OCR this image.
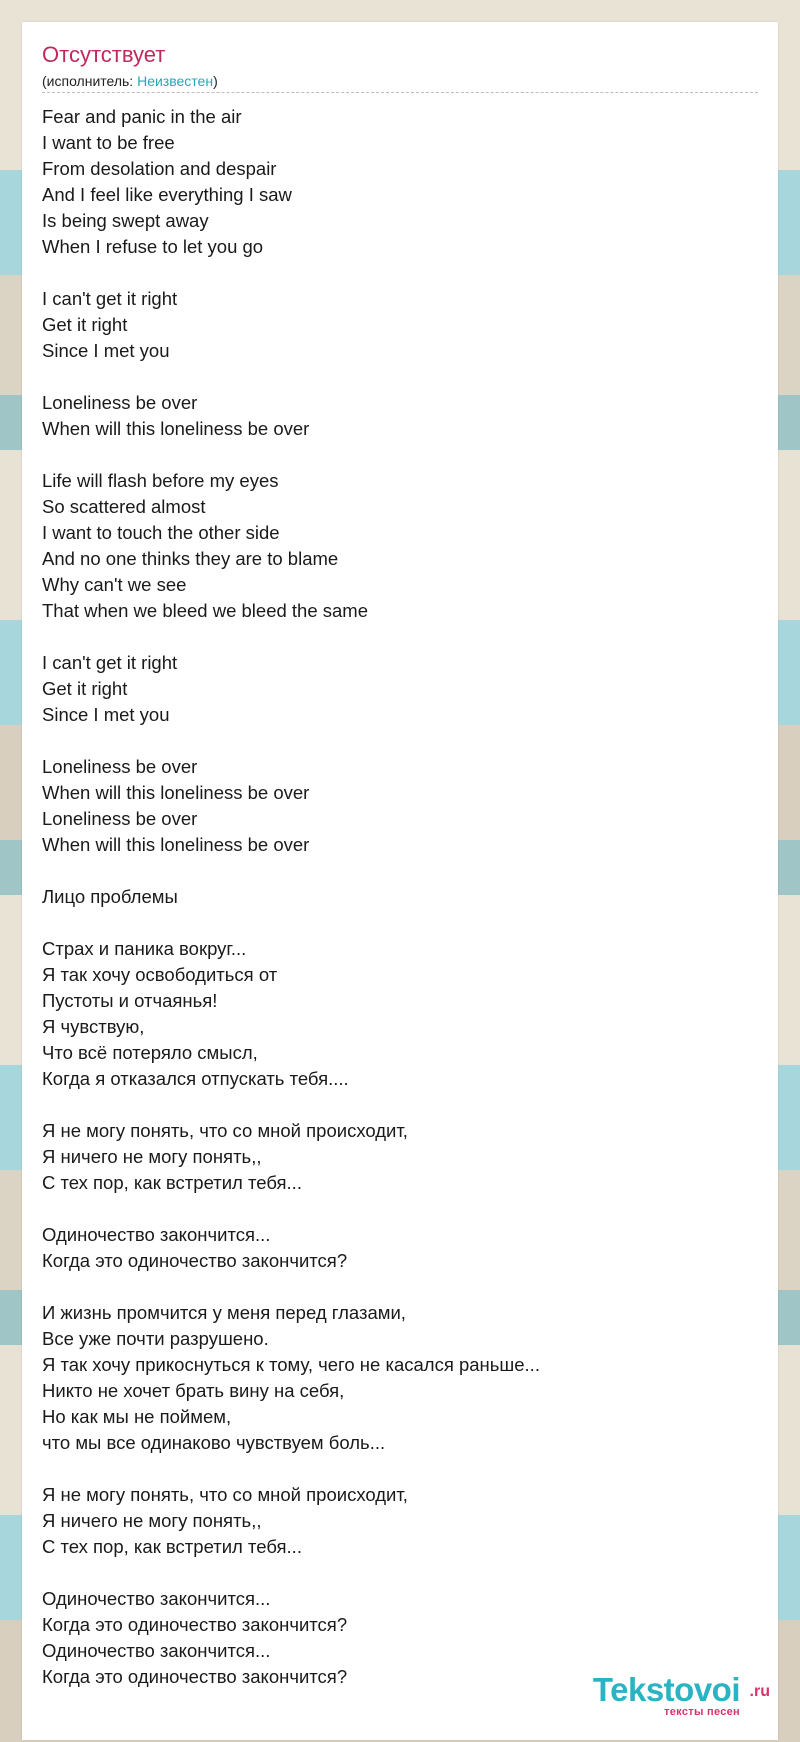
Отсутствует
(исполнитель: Неизвестен)
Fear and panic in the air
I want to be free
From desolation and despair
And I feel like everything I saw
Is being swept away
When I refuse to let you go
I can't get it right
Get it right
Since I met you
Loneliness be over
When will this loneliness be over
Life will flash before my eyes
So scattered almost
I want to touch the other side
And no one thinks they are to blame
Why can't we see
That when we bleed we bleed the same
I can't get it right
Get it right
Since I met you
Loneliness be over
When will this loneliness be over
Loneliness be over
When will this loneliness be over
Лицо проблемы
Страх и паника вокруг...
Я так хочу освободиться от
Пустоты и отчаянья!
Я чувствую,
Что всё потеряло смысл,
Когда я отказался отпускать тебя....
Я не могу понять, что со мной происходит,
Я ничего не могу понять,,
С тех пор, как встретил тебя...
Одиночество закончится...
Когда это одиночество закончится?
И жизнь промчится у меня перед глазами,
Все уже почти разрушено.
Я так хочу прикоснуться к тому, чего не касался раньше...
Никто не хочет брать вину на себя,
Но как мы не поймем,
что мы все одинаково чувствуем боль...
Я не могу понять, что со мной происходит,
Я ничего не могу понять,,
С тех пор, как встретил тебя...
Одиночество закончится...
Когда это одиночество закончится?
Одиночество закончится...
Когда это одиночество закончится?	Tekstovoi .ru
тексты песен
